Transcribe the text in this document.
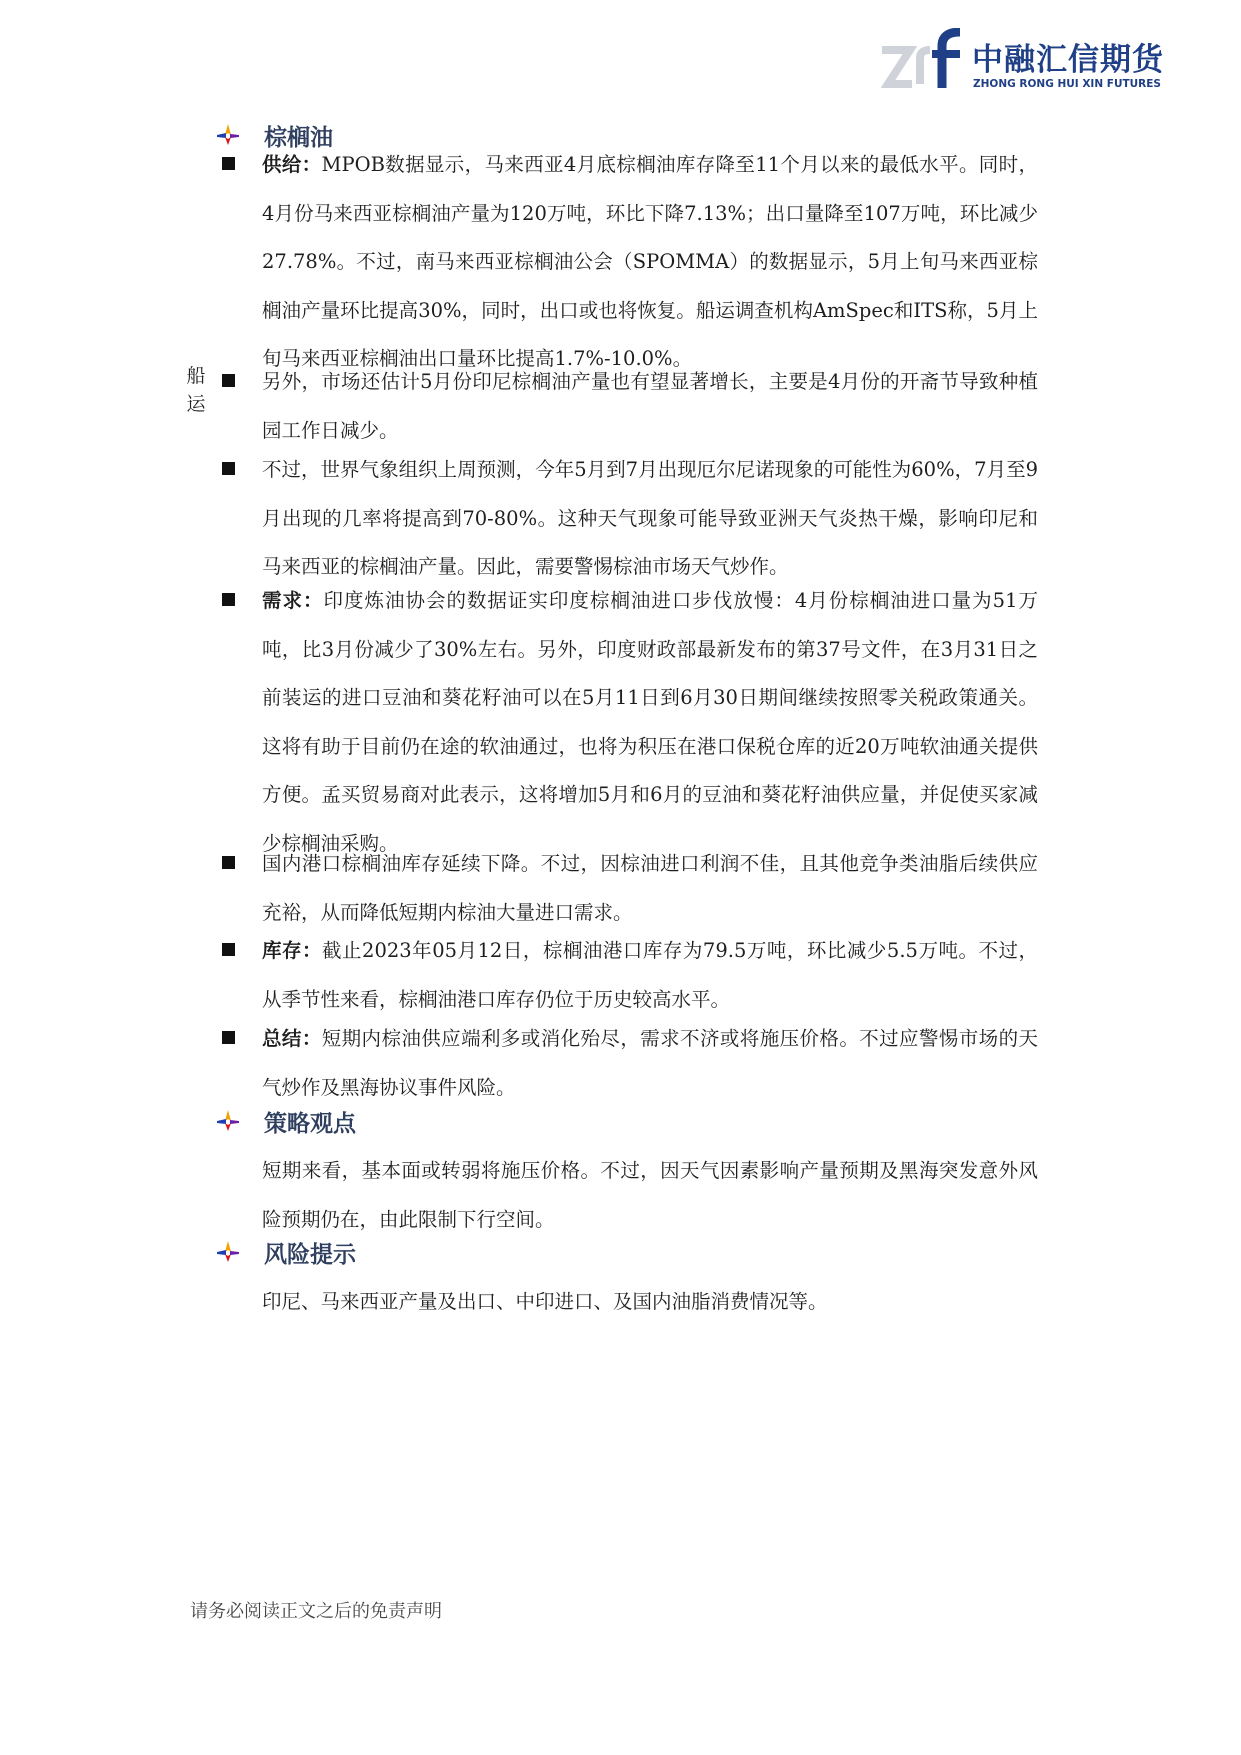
中融汇信期货
ZHONG RONG HUI XIN FUTURES
船运
棕榈油
供给：MPOB数据显示，马来西亚4月底棕榈油库存降至11个月以来的最低水平。同时，4月份马来西亚棕榈油产量为120万吨，环比下降7.13%；出口量降至107万吨，环比减少27.78%。不过，南马来西亚棕榈油公会（SPOMMA）的数据显示，5月上旬马来西亚棕榈油产量环比提高30%，同时，出口或也将恢复。船运调查机构AmSpec和ITS称，5月上旬马来西亚棕榈油出口量环比提高1.7%-10.0%。
另外，市场还估计5月份印尼棕榈油产量也有望显著增长，主要是4月份的开斋节导致种植园工作日减少。
不过，世界气象组织上周预测，今年5月到7月出现厄尔尼诺现象的可能性为60%，7月至9月出现的几率将提高到70-80%。这种天气现象可能导致亚洲天气炎热干燥，影响印尼和马来西亚的棕榈油产量。因此，需要警惕棕油市场天气炒作。
需求：印度炼油协会的数据证实印度棕榈油进口步伐放慢：4月份棕榈油进口量为51万吨，比3月份减少了30%左右。另外，印度财政部最新发布的第37号文件，在3月31日之前装运的进口豆油和葵花籽油可以在5月11日到6月30日期间继续按照零关税政策通关。这将有助于目前仍在途的软油通过，也将为积压在港口保税仓库的近20万吨软油通关提供方便。孟买贸易商对此表示，这将增加5月和6月的豆油和葵花籽油供应量，并促使买家减少棕榈油采购。
国内港口棕榈油库存延续下降。不过，因棕油进口利润不佳，且其他竞争类油脂后续供应充裕，从而降低短期内棕油大量进口需求。
库存：截止2023年05月12日，棕榈油港口库存为79.5万吨，环比减少5.5万吨。不过，从季节性来看，棕榈油港口库存仍位于历史较高水平。
总结：短期内棕油供应端利多或消化殆尽，需求不济或将施压价格。不过应警惕市场的天气炒作及黑海协议事件风险。
策略观点
短期来看，基本面或转弱将施压价格。不过，因天气因素影响产量预期及黑海突发意外风险预期仍在，由此限制下行空间。
风险提示
印尼、马来西亚产量及出口、中印进口、及国内油脂消费情况等。
请务必阅读正文之后的免责声明
